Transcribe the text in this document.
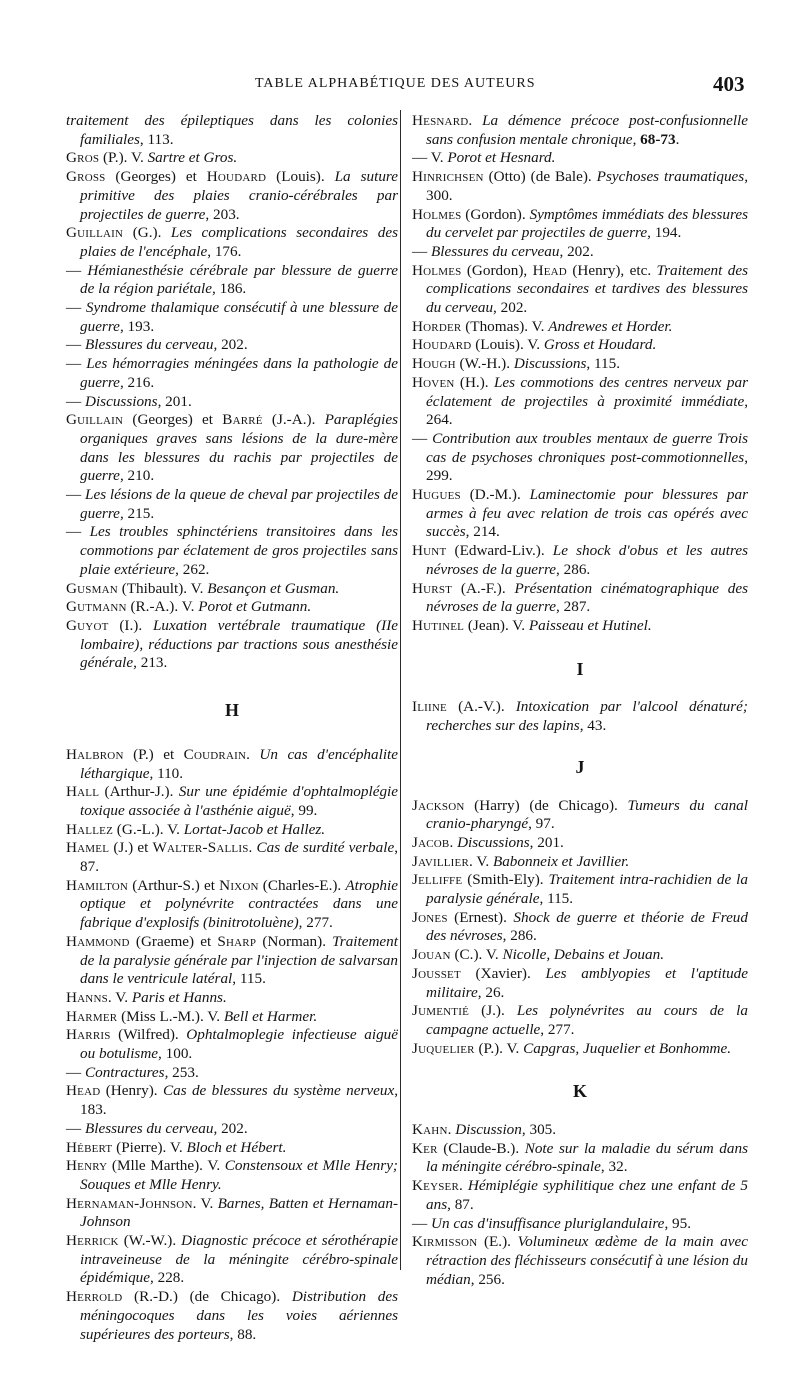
TABLE ALPHABÉTIQUE DES AUTEURS	403

traitement des épileptiques dans les colonies familiales, 113.

Gros (P.). V. Sartre et Gros.

Gross (Georges) et Houdard (Louis). La suture primitive des plaies cranio-cérébrales par projectiles de guerre, 203.

Guillain (G.). Les complications secondaires des plaies de l'encéphale, 176.

— Hémianesthésie cérébrale par blessure de guerre de la région pariétale, 186.

— Syndrome thalamique consécutif à une blessure de guerre, 193.

— Blessures du cerveau, 202.

— Les hémorragies méningées dans la pathologie de guerre, 216.

— Discussions, 201.

Guillain (Georges) et Barré (J.-A.). Paraplégies organiques graves sans lésions de la dure-mère dans les blessures du rachis par projectiles de guerre, 210.

— Les lésions de la queue de cheval par projectiles de guerre, 215.

— Les troubles sphinctériens transitoires dans les commotions par éclatement de gros projectiles sans plaie extérieure, 262.

Gusman (Thibault). V. Besançon et Gusman.

Gutmann (R.-A.). V. Porot et Gutmann.

Guyot (I.). Luxation vertébrale traumatique (IIe lombaire), réductions par tractions sous anesthésie générale, 213.

H

Halbron (P.) et Coudrain. Un cas d'encéphalite léthargique, 110.

Hall (Arthur-J.). Sur une épidémie d'ophtalmoplégie toxique associée à l'asthénie aiguë, 99.

Hallez (G.-L.). V. Lortat-Jacob et Hallez.

Hamel (J.) et Walter-Sallis. Cas de surdité verbale, 87.

Hamilton (Arthur-S.) et Nixon (Charles-E.). Atrophie optique et polynévrite contractées dans une fabrique d'explosifs (binitrotoluène), 277.

Hammond (Graeme) et Sharp (Norman). Traitement de la paralysie générale par l'injection de salvarsan dans le ventricule latéral, 115.

Hanns. V. Paris et Hanns.

Harmer (Miss L.-M.). V. Bell et Harmer.

Harris (Wilfred). Ophtalmoplegie infectieuse aiguë ou botulisme, 100.

— Contractures, 253.

Head (Henry). Cas de blessures du système nerveux, 183.

— Blessures du cerveau, 202.

Hébert (Pierre). V. Bloch et Hébert.

Henry (Mlle Marthe). V. Constensoux et Mlle Henry; Souques et Mlle Henry.

Hernaman-Johnson. V. Barnes, Batten et Hernaman-Johnson

Herrick (W.-W.). Diagnostic précoce et sérothérapie intraveineuse de la méningite cérébro-spinale épidémique, 228.

Herrold (R.-D.) (de Chicago). Distribution des méningocoques dans les voies aériennes supérieures des porteurs, 88.

Hesnard. La démence précoce post-confusionnelle sans confusion mentale chronique, 68-73.

— V. Porot et Hesnard.

Hinrichsen (Otto) (de Bale). Psychoses traumatiques, 300.

Holmes (Gordon). Symptômes immédiats des blessures du cervelet par projectiles de guerre, 194.

— Blessures du cerveau, 202.

Holmes (Gordon), Head (Henry), etc. Traitement des complications secondaires et tardives des blessures du cerveau, 202.

Horder (Thomas). V. Andrewes et Horder.

Houdard (Louis). V. Gross et Houdard.

Hough (W.-H.). Discussions, 115.

Hoven (H.). Les commotions des centres nerveux par éclatement de projectiles à proximité immédiate, 264.

— Contribution aux troubles mentaux de guerre Trois cas de psychoses chroniques post-commotionnelles, 299.

Hugues (D.-M.). Laminectomie pour blessures par armes à feu avec relation de trois cas opérés avec succès, 214.

Hunt (Edward-Liv.). Le shock d'obus et les autres névroses de la guerre, 286.

Hurst (A.-F.). Présentation cinématographique des névroses de la guerre, 287.

Hutinel (Jean). V. Paisseau et Hutinel.

I

Iliine (A.-V.). Intoxication par l'alcool dénaturé; recherches sur des lapins, 43.

J

Jackson (Harry) (de Chicago). Tumeurs du canal cranio-pharyngé, 97.

Jacob. Discussions, 201.

Javillier. V. Babonneix et Javillier.

Jelliffe (Smith-Ely). Traitement intra-rachidien de la paralysie générale, 115.

Jones (Ernest). Shock de guerre et théorie de Freud des névroses, 286.

Jouan (C.). V. Nicolle, Debains et Jouan.

Jousset (Xavier). Les amblyopies et l'aptitude militaire, 26.

Jumentié (J.). Les polynévrites au cours de la campagne actuelle, 277.

Juquelier (P.). V. Capgras, Juquelier et Bonhomme.

K

Kahn. Discussion, 305.

Ker (Claude-B.). Note sur la maladie du sérum dans la méningite cérébro-spinale, 32.

Keyser. Hémiplégie syphilitique chez une enfant de 5 ans, 87.

— Un cas d'insuffisance pluriglandulaire, 95.

Kirmisson (E.). Volumineux œdème de la main avec rétraction des fléchisseurs consécutif à une lésion du médian, 256.
